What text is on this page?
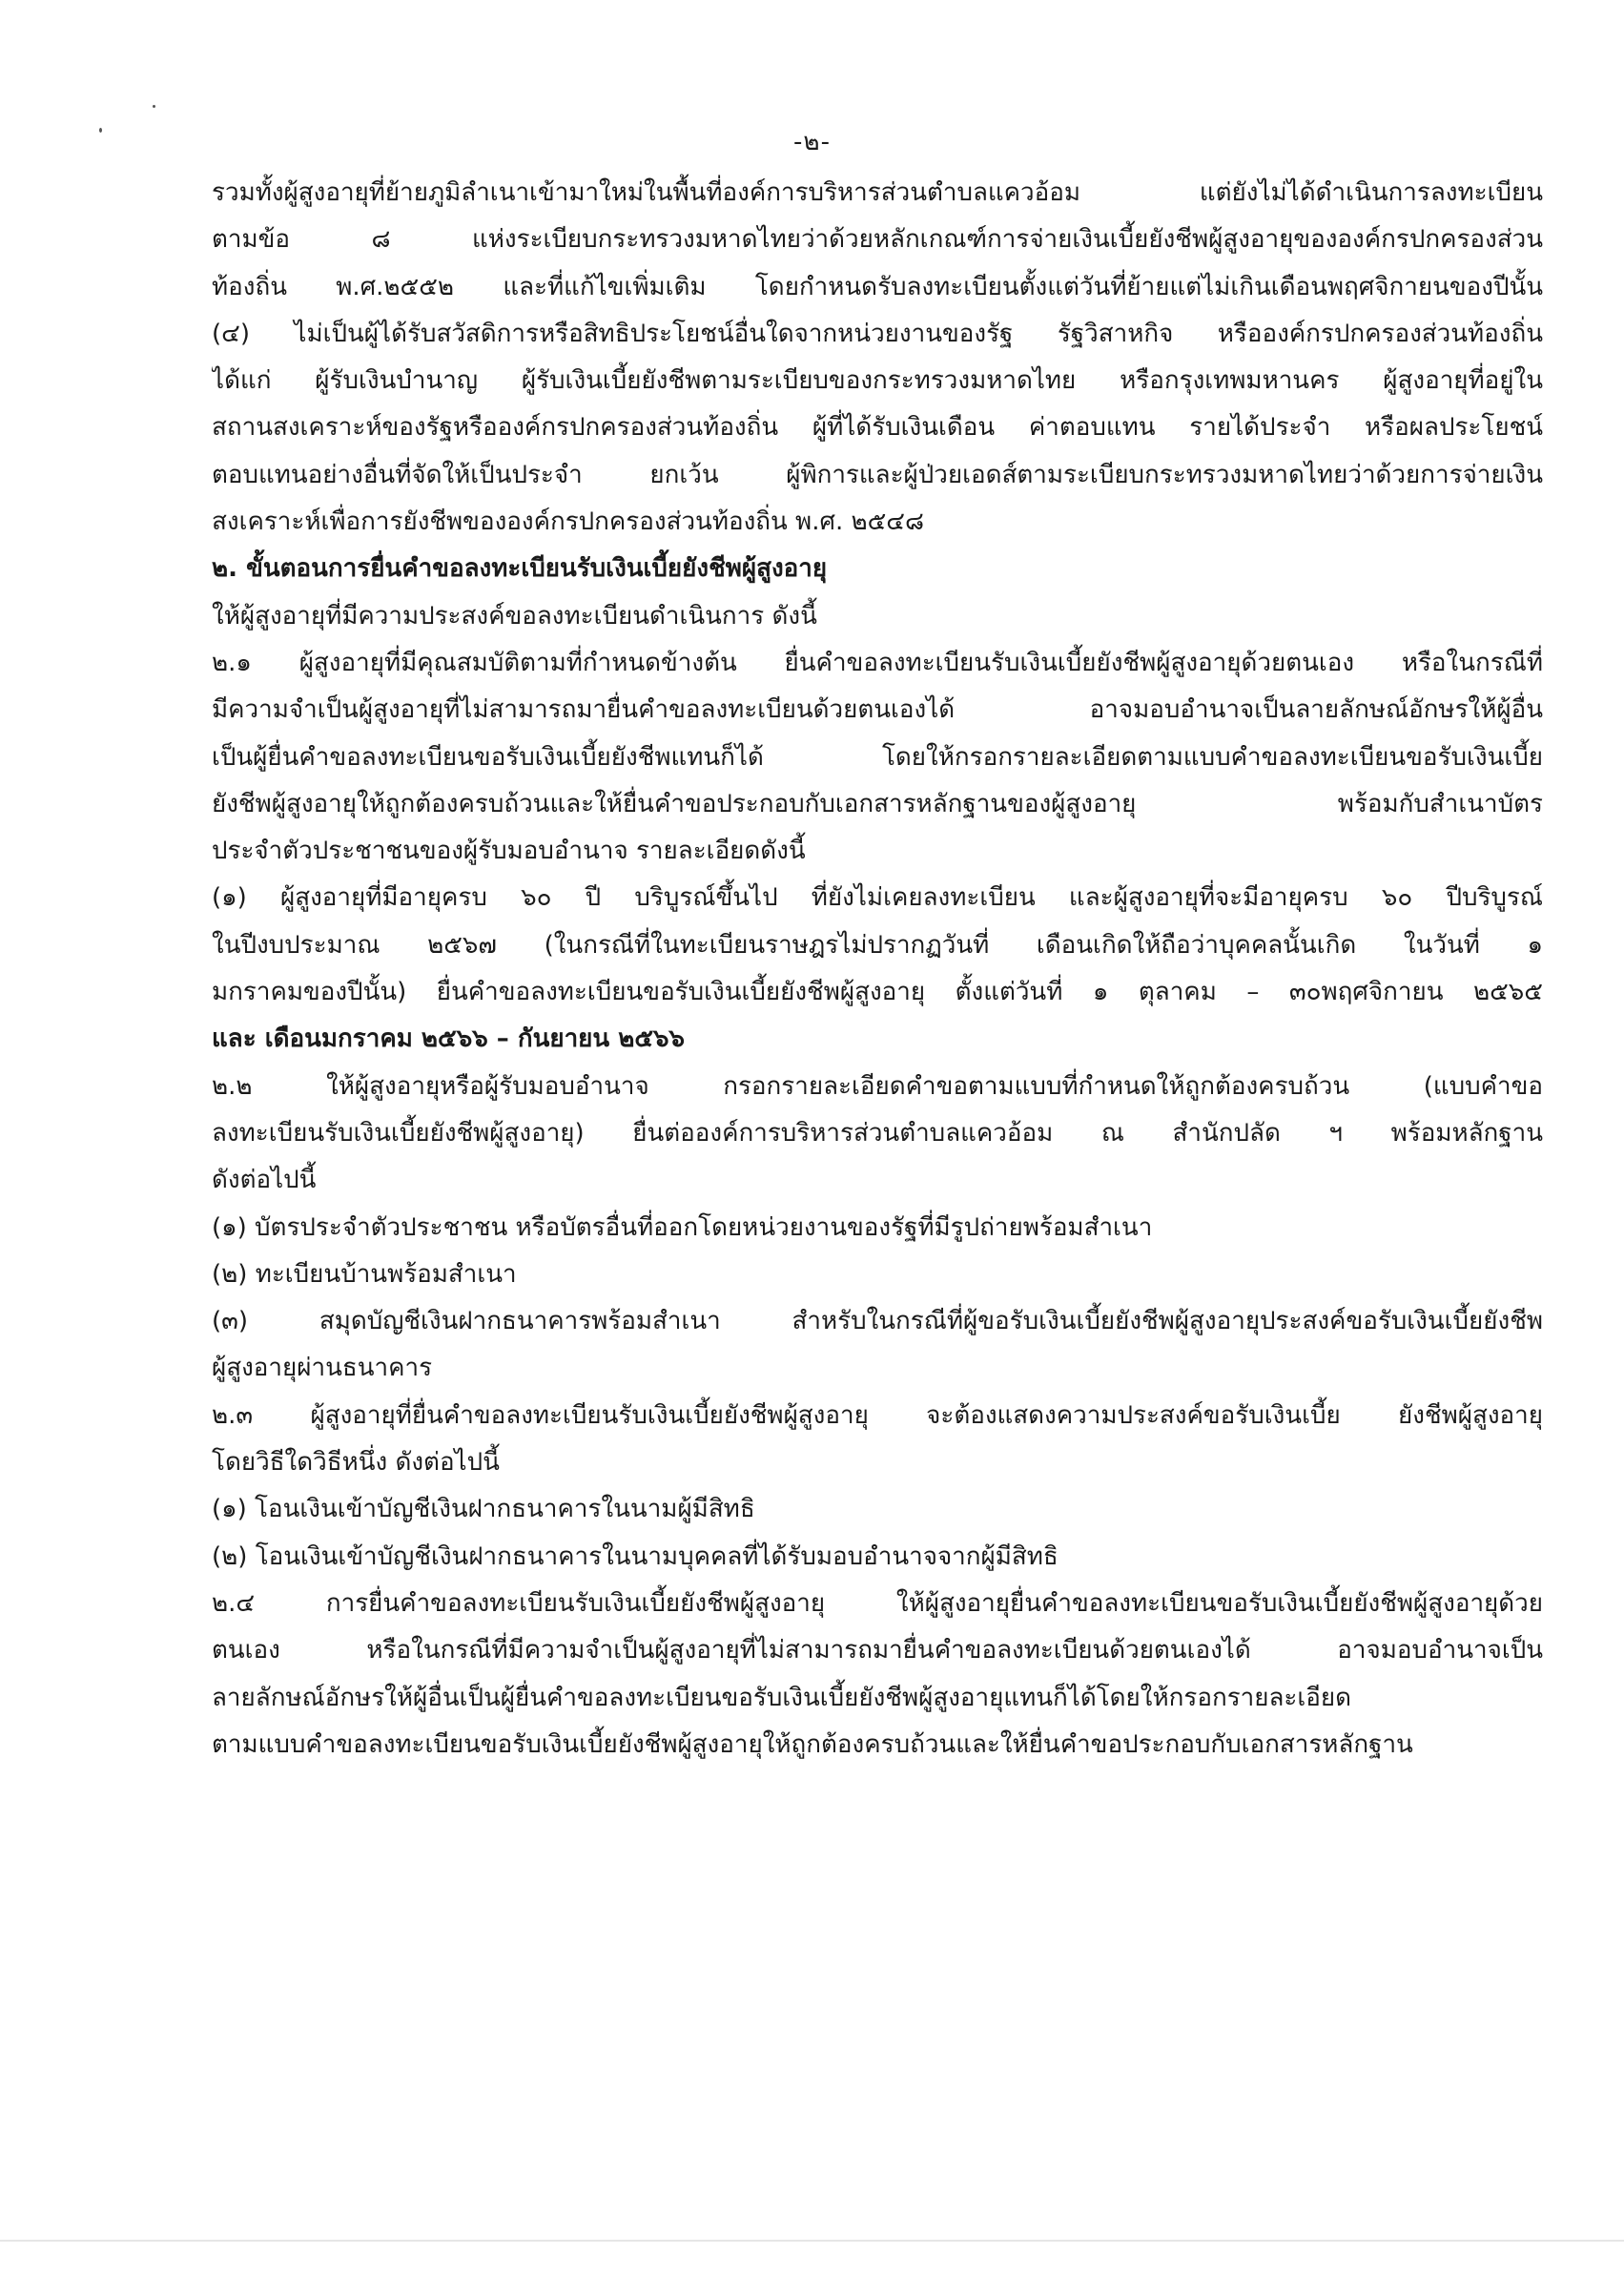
-๒-
รวมทั้งผู้สูงอายุที่ย้ายภูมิลำเนาเข้ามาใหม่ในพื้นที่องค์การบริหารส่วนตำบลแควอ้อม แต่ยังไม่ได้ดำเนินการลงทะเบียน
ตามข้อ ๘ แห่งระเบียบกระทรวงมหาดไทยว่าด้วยหลักเกณฑ์การจ่ายเงินเบี้ยยังชีพผู้สูงอายุขององค์กรปกครองส่วน
ท้องถิ่น พ.ศ.๒๕๕๒ และที่แก้ไขเพิ่มเติม โดยกำหนดรับลงทะเบียนตั้งแต่วันที่ย้ายแต่ไม่เกินเดือนพฤศจิกายนของปีนั้น
(๔) ไม่เป็นผู้ได้รับสวัสดิการหรือสิทธิประโยชน์อื่นใดจากหน่วยงานของรัฐ รัฐวิสาหกิจ หรือองค์กรปกครองส่วนท้องถิ่น
ได้แก่ ผู้รับเงินบำนาญ ผู้รับเงินเบี้ยยังชีพตามระเบียบของกระทรวงมหาดไทย หรือกรุงเทพมหานคร ผู้สูงอายุที่อยู่ใน
สถานสงเคราะห์ของรัฐหรือองค์กรปกครองส่วนท้องถิ่น ผู้ที่ได้รับเงินเดือน ค่าตอบแทน รายได้ประจำ หรือผลประโยชน์
ตอบแทนอย่างอื่นที่จัดให้เป็นประจำ ยกเว้น ผู้พิการและผู้ป่วยเอดส์ตามระเบียบกระทรวงมหาดไทยว่าด้วยการจ่ายเงิน
สงเคราะห์เพื่อการยังชีพขององค์กรปกครองส่วนท้องถิ่น พ.ศ. ๒๕๔๘
๒. ขั้นตอนการยื่นคำขอลงทะเบียนรับเงินเบี้ยยังชีพผู้สูงอายุ
ให้ผู้สูงอายุที่มีความประสงค์ขอลงทะเบียนดำเนินการ ดังนี้
๒.๑ ผู้สูงอายุที่มีคุณสมบัติตามที่กำหนดข้างต้น ยื่นคำขอลงทะเบียนรับเงินเบี้ยยังชีพผู้สูงอายุด้วยตนเอง หรือในกรณีที่
มีความจำเป็นผู้สูงอายุที่ไม่สามารถมายื่นคำขอลงทะเบียนด้วยตนเองได้ อาจมอบอำนาจเป็นลายลักษณ์อักษรให้ผู้อื่น
เป็นผู้ยื่นคำขอลงทะเบียนขอรับเงินเบี้ยยังชีพแทนก็ได้ โดยให้กรอกรายละเอียดตามแบบคำขอลงทะเบียนขอรับเงินเบี้ย
ยังชีพผู้สูงอายุให้ถูกต้องครบถ้วนและให้ยื่นคำขอประกอบกับเอกสารหลักฐานของผู้สูงอายุ พร้อมกับสำเนาบัตร
ประจำตัวประชาชนของผู้รับมอบอำนาจ รายละเอียดดังนี้
(๑) ผู้สูงอายุที่มีอายุครบ ๖๐ ปี บริบูรณ์ขึ้นไป ที่ยังไม่เคยลงทะเบียน และผู้สูงอายุที่จะมีอายุครบ ๖๐ ปีบริบูรณ์
ในปีงบประมาณ ๒๕๖๗ (ในกรณีที่ในทะเบียนราษฎรไม่ปรากฏวันที่ เดือนเกิดให้ถือว่าบุคคลนั้นเกิด ในวันที่ ๑
มกราคมของปีนั้น) ยื่นคำขอลงทะเบียนขอรับเงินเบี้ยยังชีพผู้สูงอายุ ตั้งแต่วันที่ ๑ ตุลาคม – ๓๐พฤศจิกายน ๒๕๖๕
และ เดือนมกราคม ๒๕๖๖ – กันยายน ๒๕๖๖
๒.๒ ให้ผู้สูงอายุหรือผู้รับมอบอำนาจ กรอกรายละเอียดคำขอตามแบบที่กำหนดให้ถูกต้องครบถ้วน (แบบคำขอ
ลงทะเบียนรับเงินเบี้ยยังชีพผู้สูงอายุ) ยื่นต่อองค์การบริหารส่วนตำบลแควอ้อม ณ สำนักปลัด ฯ พร้อมหลักฐาน
ดังต่อไปนี้
(๑) บัตรประจำตัวประชาชน หรือบัตรอื่นที่ออกโดยหน่วยงานของรัฐที่มีรูปถ่ายพร้อมสำเนา
(๒) ทะเบียนบ้านพร้อมสำเนา
(๓) สมุดบัญชีเงินฝากธนาคารพร้อมสำเนา สำหรับในกรณีที่ผู้ขอรับเงินเบี้ยยังชีพผู้สูงอายุประสงค์ขอรับเงินเบี้ยยังชีพ
ผู้สูงอายุผ่านธนาคาร
๒.๓ ผู้สูงอายุที่ยื่นคำขอลงทะเบียนรับเงินเบี้ยยังชีพผู้สูงอายุ จะต้องแสดงความประสงค์ขอรับเงินเบี้ย ยังชีพผู้สูงอายุ
โดยวิธีใดวิธีหนึ่ง ดังต่อไปนี้
(๑) โอนเงินเข้าบัญชีเงินฝากธนาคารในนามผู้มีสิทธิ
(๒) โอนเงินเข้าบัญชีเงินฝากธนาคารในนามบุคคลที่ได้รับมอบอำนาจจากผู้มีสิทธิ
๒.๔ การยื่นคำขอลงทะเบียนรับเงินเบี้ยยังชีพผู้สูงอายุ ให้ผู้สูงอายุยื่นคำขอลงทะเบียนขอรับเงินเบี้ยยังชีพผู้สูงอายุด้วย
ตนเอง หรือในกรณีที่มีความจำเป็นผู้สูงอายุที่ไม่สามารถมายื่นคำขอลงทะเบียนด้วยตนเองได้ อาจมอบอำนาจเป็น
ลายลักษณ์อักษรให้ผู้อื่นเป็นผู้ยื่นคำขอลงทะเบียนขอรับเงินเบี้ยยังชีพผู้สูงอายุแทนก็ได้โดยให้กรอกรายละเอียด
ตามแบบคำขอลงทะเบียนขอรับเงินเบี้ยยังชีพผู้สูงอายุให้ถูกต้องครบถ้วนและให้ยื่นคำขอประกอบกับเอกสารหลักฐาน
